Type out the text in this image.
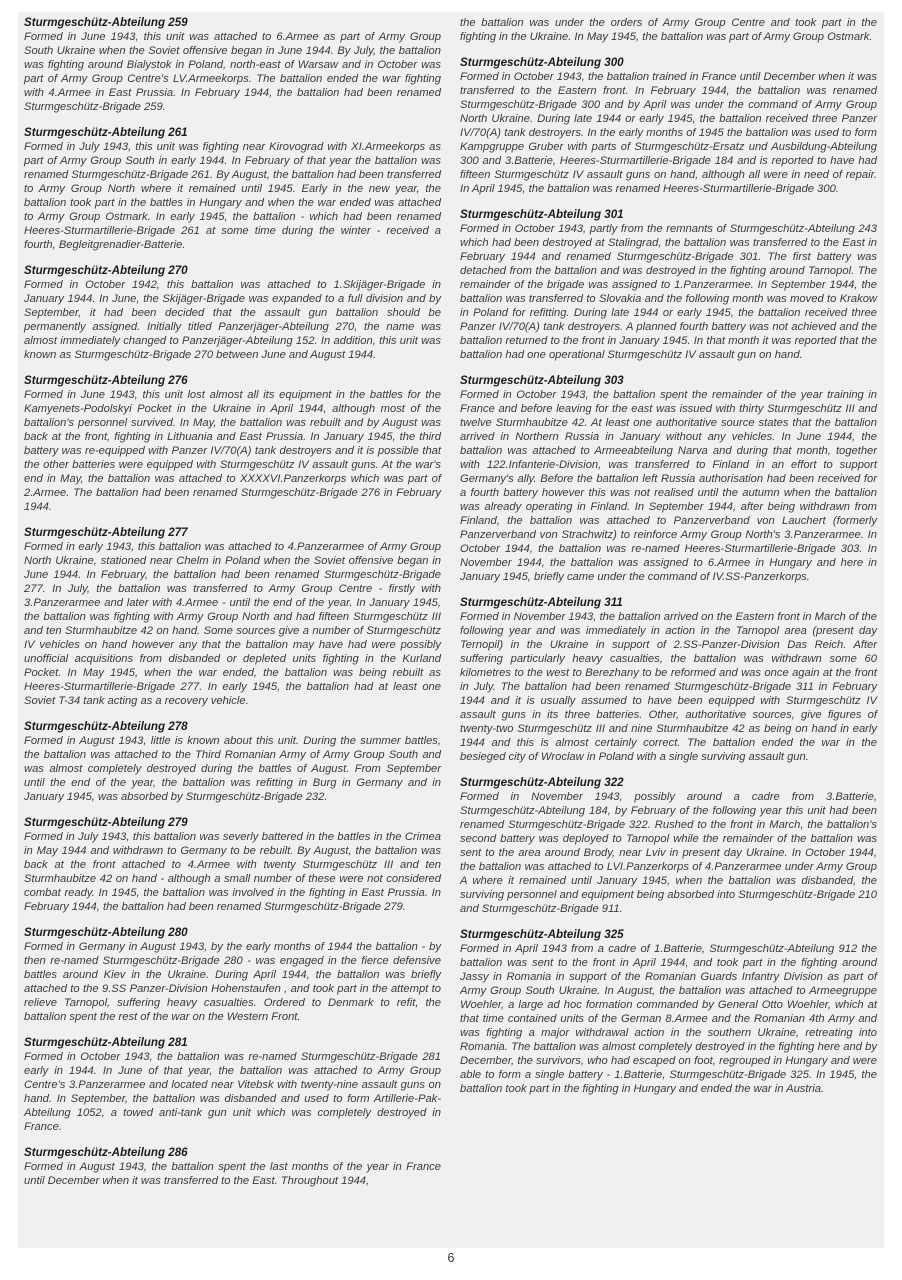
Sturmgeschütz-Abteilung 259

Formed in June 1943, this unit was attached to 6.Armee as part of Army Group South Ukraine when the Soviet offensive began in June 1944. By July, the battalion was fighting around Bialystok in Poland, north-east of Warsaw and in October was part of Army Group Centre's LV.Armeekorps. The battalion ended the war fighting with 4.Armee in East Prussia. In February 1944, the battalion had been renamed Sturmgeschütz-Brigade 259.

Sturmgeschütz-Abteilung 261

Formed in July 1943, this unit was fighting near Kirovograd with XI.Armeekorps as part of Army Group South in early 1944. In February of that year the battalion was renamed Sturmgeschütz-Brigade 261. By August, the battalion had been transferred to Army Group North where it remained until 1945. Early in the new year, the battalion took part in the battles in Hungary and when the war ended was attached to Army Group Ostmark. In early 1945, the battalion - which had been renamed Heeres-Sturmartillerie-Brigade 261 at some time during the winter - received a fourth, Begleitgrenadier-Batterie.

Sturmgeschütz-Abteilung 270

Formed in October 1942, this battalion was attached to 1.Skijäger-Brigade in January 1944. In June, the Skijäger-Brigade was expanded to a full division and by September, it had been decided that the assault gun battalion should be permanently assigned. Initially titled Panzerjäger-Abteilung 270, the name was almost immediately changed to Panzerjäger-Abteilung 152. In addition, this unit was known as Sturmgeschütz-Brigade 270 between June and August 1944.

Sturmgeschütz-Abteilung 276

Formed in June 1943, this unit lost almost all its equipment in the battles for the Kamyenets-Podolskyi Pocket in the Ukraine in April 1944, although most of the battalion's personnel survived. In May, the battalion was rebuilt and by August was back at the front, fighting in Lithuania and East Prussia. In January 1945, the third battery was re-equipped with Panzer IV/70(A) tank destroyers and it is possible that the other batteries were equipped with Sturmgeschütz IV assault guns. At the war's end in May, the battalion was attached to XXXXVI.Panzerkorps which was part of 2.Armee. The battalion had been renamed Sturmgeschütz-Brigade 276 in February 1944.

Sturmgeschütz-Abteilung 277

Formed in early 1943, this battalion was attached to 4.Panzerarmee of Army Group North Ukraine, stationed near Chelm in Poland when the Soviet offensive began in June 1944. In February, the battalion had been renamed Sturmgeschütz-Brigade 277. In July, the battalion was transferred to Army Group Centre - firstly with 3.Panzerarmee and later with 4.Armee - until the end of the year. In January 1945, the battalion was fighting with Army Group North and had fifteen Sturmgeschütz III and ten Sturmhaubitze 42 on hand. Some sources give a number of Sturmgeschütz IV vehicles on hand however any that the battalion may have had were possibly unofficial acquisitions from disbanded or depleted units fighting in the Kurland Pocket. In May 1945, when the war ended, the battalion was being rebuilt as Heeres-Sturmartillerie-Brigade 277. In early 1945, the battalion had at least one Soviet T-34 tank acting as a recovery vehicle.

Sturmgeschütz-Abteilung 278

Formed in August 1943, little is known about this unit. During the summer battles, the battalion was attached to the Third Romanian Army of Army Group South and was almost completely destroyed during the battles of August. From September until the end of the year, the battalion was refitting in Burg in Germany and in January 1945, was absorbed by Sturmgeschütz-Brigade 232.

Sturmgeschütz-Abteilung 279

Formed in July 1943, this battalion was severly battered in the battles in the Crimea in May 1944 and withdrawn to Germany to be rebuilt. By August, the battalion was back at the front attached to 4.Armee with twenty Sturmgeschütz III and ten Sturmhaubitze 42 on hand - although a small number of these were not considered combat ready. In 1945, the battalion was involved in the fighting in East Prussia. In February 1944, the battalion had been renamed Sturmgeschütz-Brigade 279.

Sturmgeschütz-Abteilung 280

Formed in Germany in August 1943, by the early months of 1944 the battalion - by then re-named Sturmgeschütz-Brigade 280 - was engaged in the fierce defensive battles around Kiev in the Ukraine. During April 1944, the battalion was briefly attached to the 9.SS Panzer-Division Hohenstaufen , and took part in the attempt to relieve Tarnopol, suffering heavy casualties. Ordered to Denmark to refit, the battalion spent the rest of the war on the Western Front.

Sturmgeschütz-Abteilung 281

Formed in October 1943, the battalion was re-named Sturmgeschütz-Brigade 281 early in 1944. In June of that year, the battalion was attached to Army Group Centre's 3.Panzerarmee and located near Vitebsk with twenty-nine assault guns on hand. In September, the battalion was disbanded and used to form Artillerie-Pak-Abteilung 1052, a towed anti-tank gun unit which was completely destroyed in France.

Sturmgeschütz-Abteilung 286

Formed in August 1943, the battalion spent the last months of the year in France until December when it was transferred to the East. Throughout 1944,

the battalion was under the orders of Army Group Centre and took part in the fighting in the Ukraine. In May 1945, the battalion was part of Army Group Ostmark.

Sturmgeschütz-Abteilung 300

Formed in October 1943, the battalion trained in France until December when it was transferred to the Eastern front. In February 1944, the battalion was renamed Sturmgeschütz-Brigade 300 and by April was under the command of Army Group North Ukraine. During late 1944 or early 1945, the battalion received three Panzer IV/70(A) tank destroyers. In the early months of 1945 the battalion was used to form Kampgruppe Gruber with parts of Sturmgeschütz-Ersatz und Ausbildung-Abteilung 300 and 3.Batterie, Heeres-Sturmartillerie-Brigade 184 and is reported to have had fifteen Sturmgeschütz IV assault guns on hand, although all were in need of repair. In April 1945, the battalion was renamed Heeres-Sturmartillerie-Brigade 300.

Sturmgeschütz-Abteilung 301

Formed in October 1943, partly from the remnants of Sturmgeschütz-Abteilung 243 which had been destroyed at Stalingrad, the battalion was transferred to the East in February 1944 and renamed Sturmgeschütz-Brigade 301. The first battery was detached from the battalion and was destroyed in the fighting around Tarnopol. The remainder of the brigade was assigned to 1.Panzerarmee. In September 1944, the battalion was transferred to Slovakia and the following month was moved to Krakow in Poland for refitting. During late 1944 or early 1945, the battalion received three Panzer IV/70(A) tank destroyers. A planned fourth battery was not achieved and the battalion returned to the front in January 1945. In that month it was reported that the battalion had one operational Sturmgeschütz IV assault gun on hand.

Sturmgeschütz-Abteilung 303

Formed in October 1943, the battalion spent the remainder of the year training in France and before leaving for the east was issued with thirty Sturmgeschütz III and twelve Sturmhaubitze 42. At least one authoritative source states that the battalion arrived in Northern Russia in January without any vehicles. In June 1944, the battalion was attached to Armeeabteilung Narva and during that month, together with 122.Infanterie-Division, was transferred to Finland in an effort to support Germany's ally. Before the battalion left Russia authorisation had been received for a fourth battery however this was not realised until the autumn when the battalion was already operating in Finland. In September 1944, after being withdrawn from Finland, the battalion was attached to Panzerverband von Lauchert (formerly Panzerverband von Strachwitz) to reinforce Army Group North's 3.Panzerarmee. In October 1944, the battalion was re-named Heeres-Sturmartillerie-Brigade 303. In November 1944, the battalion was assigned to 6.Armee in Hungary and here in January 1945, briefly came under the command of IV.SS-Panzerkorps.

Sturmgeschütz-Abteilung 311

Formed in November 1943, the battalion arrived on the Eastern front in March of the following year and was immediately in action in the Tarnopol area (present day Ternopil) in the Ukraine in support of 2.SS-Panzer-Division Das Reich. After suffering particularly heavy casualties, the battalion was withdrawn some 60 kilometres to the west to Berezhany to be reformed and was once again at the front in July. The battalion had been renamed Sturmgeschütz-Brigade 311 in February 1944 and it is usually assumed to have been equipped with Sturmgeschütz IV assault guns in its three batteries. Other, authoritative sources, give figures of twenty-two Sturmgeschütz III and nine Sturmhaubitze 42 as being on hand in early 1944 and this is almost certainly correct. The battalion ended the war in the besieged city of Wroclaw in Poland with a single surviving assault gun.

Sturmgeschütz-Abteilung 322

Formed in November 1943, possibly around a cadre from 3.Batterie, Sturmgeschütz-Abteilung 184, by February of the following year this unit had been renamed Sturmgeschütz-Brigade 322. Rushed to the front in March, the battalion's second battery was deployed to Tarnopol while the remainder of the battalion was sent to the area around Brody, near Lviv in present day Ukraine. In October 1944, the battalion was attached to LVI.Panzerkorps of 4.Panzerarmee under Army Group A where it remained until January 1945, when the battalion was disbanded, the surviving personnel and equipment being absorbed into Sturmgeschütz-Brigade 210 and Sturmgeschütz-Brigade 911.

Sturmgeschütz-Abteilung 325

Formed in April 1943 from a cadre of 1.Batterie, Sturmgeschütz-Abteilung 912 the battalion was sent to the front in April 1944, and took part in the fighting around Jassy in Romania in support of the Romanian Guards Infantry Division as part of Army Group South Ukraine. In August, the battalion was attached to Armeegruppe Woehler, a large ad hoc formation commanded by General Otto Woehler, which at that time contained units of the German 8.Armee and the Romanian 4th Army and was fighting a major withdrawal action in the southern Ukraine, retreating into Romania. The battalion was almost completely destroyed in the fighting here and by December, the survivors, who had escaped on foot, regrouped in Hungary and were able to form a single battery - 1.Batterie, Sturmgeschütz-Brigade 325. In 1945, the battalion took part in the fighting in Hungary and ended the war in Austria.

6
